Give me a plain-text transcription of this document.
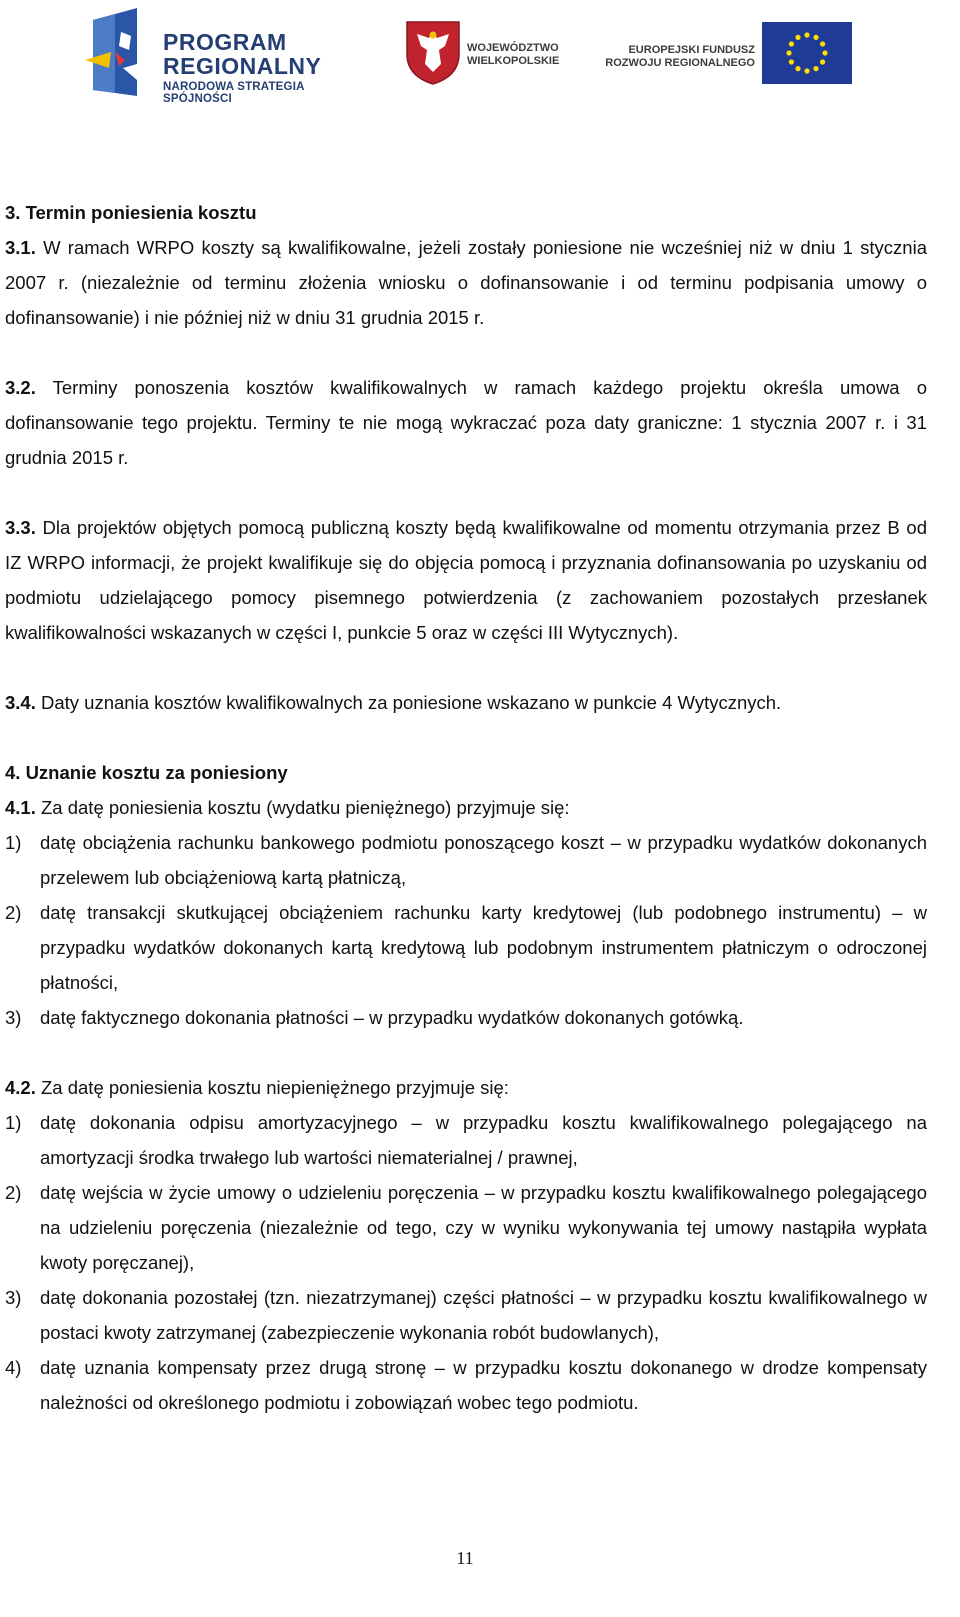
PROGRAM
REGIONALNY
NARODOWA STRATEGIA SPÓJNOŚCI
WOJEWÓDZTWO
WIELKOPOLSKIE
EUROPEJSKI FUNDUSZ
ROZWOJU REGIONALNEGO

3. Termin poniesienia kosztu

3.1. W ramach WRPO koszty są kwalifikowalne, jeżeli zostały poniesione nie wcześniej niż w dniu 1 stycznia 2007 r. (niezależnie od terminu złożenia wniosku o dofinansowanie i od terminu podpisania umowy o dofinansowanie) i nie później niż w dniu 31 grudnia 2015 r.

3.2. Terminy ponoszenia kosztów kwalifikowalnych w ramach każdego projektu określa umowa o dofinansowanie tego projektu. Terminy te nie mogą wykraczać poza daty graniczne: 1 stycznia 2007 r. i 31 grudnia 2015 r.

3.3. Dla projektów objętych pomocą publiczną koszty będą kwalifikowalne od momentu otrzymania przez B od IZ WRPO informacji, że projekt kwalifikuje się do objęcia pomocą i przyznania dofinansowania po uzyskaniu od podmiotu udzielającego pomocy pisemnego potwierdzenia (z zachowaniem pozostałych przesłanek kwalifikowalności wskazanych w części I, punkcie 5 oraz w części III Wytycznych).

3.4. Daty uznania kosztów kwalifikowalnych za poniesione wskazano w punkcie 4 Wytycznych.

4. Uznanie kosztu za poniesiony

4.1. Za datę poniesienia kosztu (wydatku pieniężnego) przyjmuje się:

1) datę obciążenia rachunku bankowego podmiotu ponoszącego koszt – w przypadku wydatków dokonanych przelewem lub obciążeniową kartą płatniczą,

2) datę transakcji skutkującej obciążeniem rachunku karty kredytowej (lub podobnego instrumentu) – w przypadku wydatków dokonanych kartą kredytową lub podobnym instrumentem płatniczym o odroczonej płatności,

3) datę faktycznego dokonania płatności – w przypadku wydatków dokonanych gotówką.

4.2. Za datę poniesienia kosztu niepieniężnego przyjmuje się:

1) datę dokonania odpisu amortyzacyjnego – w przypadku kosztu kwalifikowalnego polegającego na amortyzacji środka trwałego lub wartości niematerialnej / prawnej,

2) datę wejścia w życie umowy o udzieleniu poręczenia – w przypadku kosztu kwalifikowalnego polegającego na udzieleniu poręczenia (niezależnie od tego, czy w wyniku wykonywania tej umowy nastąpiła wypłata kwoty poręczanej),

3) datę dokonania pozostałej (tzn. niezatrzymanej) części płatności – w przypadku kosztu kwalifikowalnego w postaci kwoty zatrzymanej (zabezpieczenie wykonania robót budowlanych),

4) datę uznania kompensaty przez drugą stronę – w przypadku kosztu dokonanego w drodze kompensaty należności od określonego podmiotu i zobowiązań wobec tego podmiotu.

11
